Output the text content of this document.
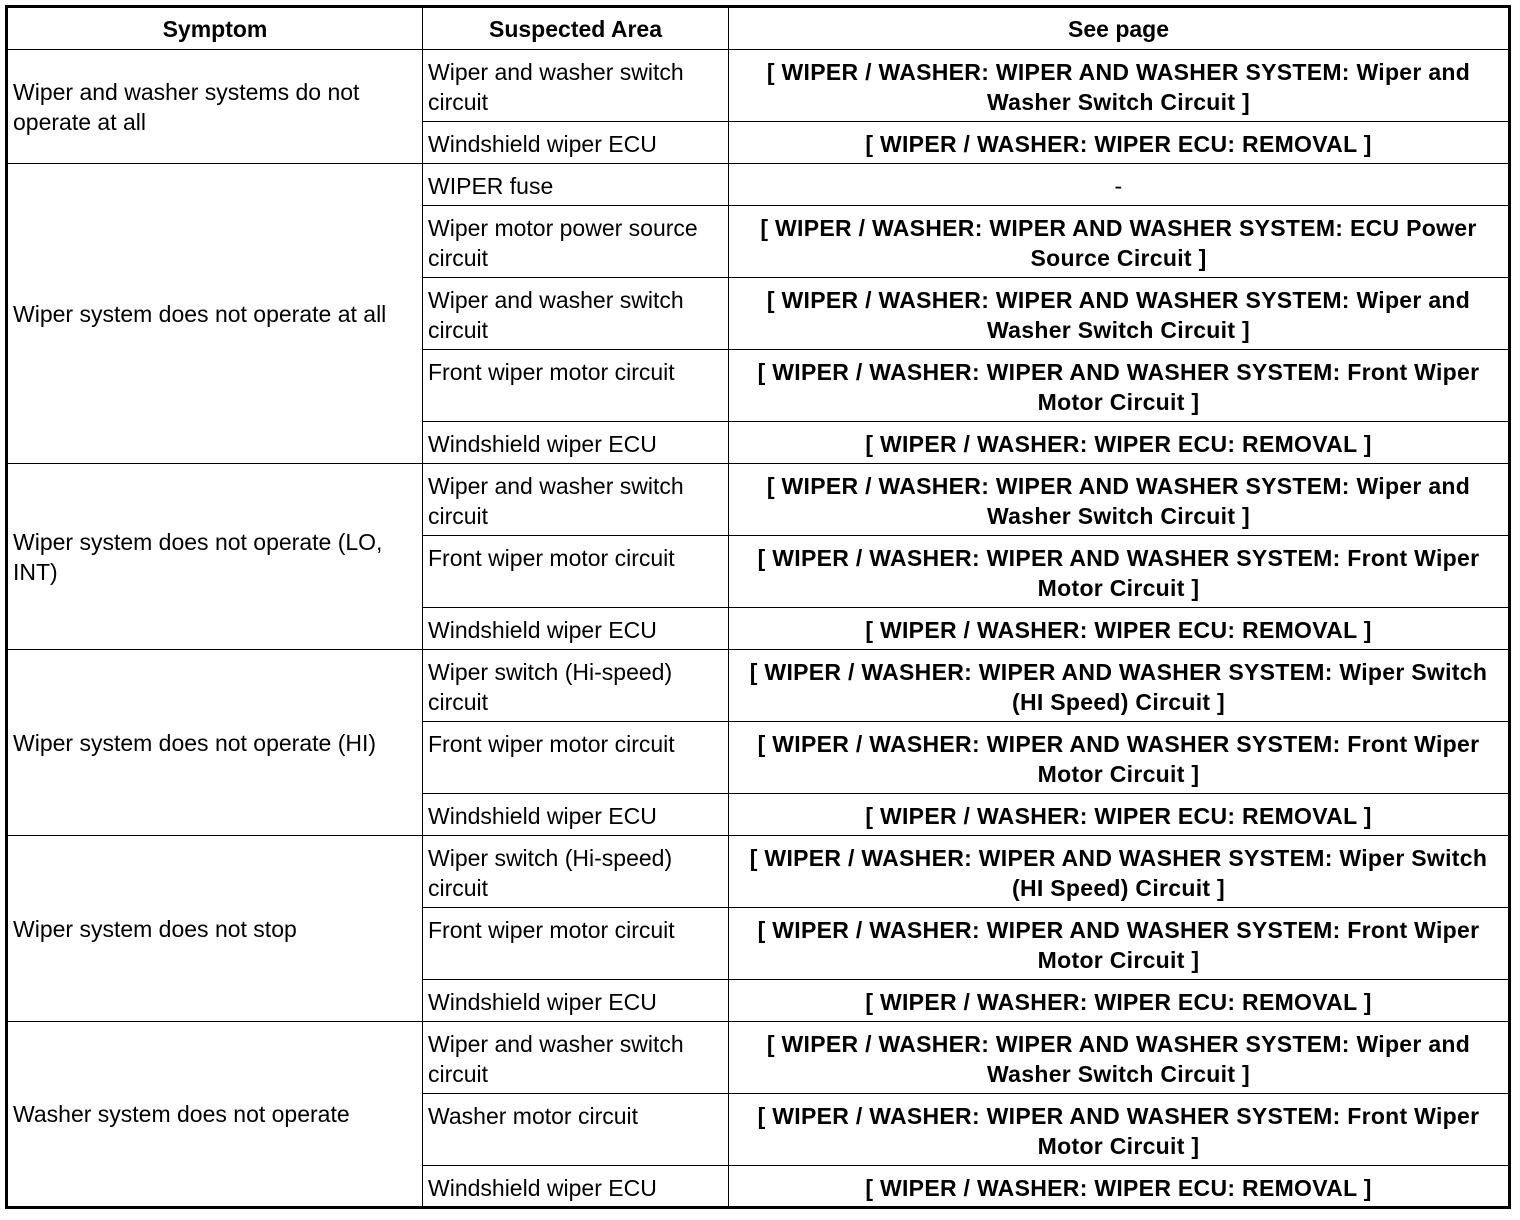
Symptom	Suspected Area	See page
Wiper and washer systems do not operate at all	Wiper and washer switch circuit	[ WIPER / WASHER: WIPER AND WASHER SYSTEM: Wiper and Washer Switch Circuit ]
	Windshield wiper ECU	[ WIPER / WASHER: WIPER ECU: REMOVAL ]
Wiper system does not operate at all	WIPER fuse	-
	Wiper motor power source circuit	[ WIPER / WASHER: WIPER AND WASHER SYSTEM: ECU Power Source Circuit ]
	Wiper and washer switch circuit	[ WIPER / WASHER: WIPER AND WASHER SYSTEM: Wiper and Washer Switch Circuit ]
	Front wiper motor circuit	[ WIPER / WASHER: WIPER AND WASHER SYSTEM: Front Wiper Motor Circuit ]
	Windshield wiper ECU	[ WIPER / WASHER: WIPER ECU: REMOVAL ]
Wiper system does not operate (LO, INT)	Wiper and washer switch circuit	[ WIPER / WASHER: WIPER AND WASHER SYSTEM: Wiper and Washer Switch Circuit ]
	Front wiper motor circuit	[ WIPER / WASHER: WIPER AND WASHER SYSTEM: Front Wiper Motor Circuit ]
	Windshield wiper ECU	[ WIPER / WASHER: WIPER ECU: REMOVAL ]
Wiper system does not operate (HI)	Wiper switch (Hi-speed) circuit	[ WIPER / WASHER: WIPER AND WASHER SYSTEM: Wiper Switch (HI Speed) Circuit ]
	Front wiper motor circuit	[ WIPER / WASHER: WIPER AND WASHER SYSTEM: Front Wiper Motor Circuit ]
	Windshield wiper ECU	[ WIPER / WASHER: WIPER ECU: REMOVAL ]
Wiper system does not stop	Wiper switch (Hi-speed) circuit	[ WIPER / WASHER: WIPER AND WASHER SYSTEM: Wiper Switch (HI Speed) Circuit ]
	Front wiper motor circuit	[ WIPER / WASHER: WIPER AND WASHER SYSTEM: Front Wiper Motor Circuit ]
	Windshield wiper ECU	[ WIPER / WASHER: WIPER ECU: REMOVAL ]
Washer system does not operate	Wiper and washer switch circuit	[ WIPER / WASHER: WIPER AND WASHER SYSTEM: Wiper and Washer Switch Circuit ]
	Washer motor circuit	[ WIPER / WASHER: WIPER AND WASHER SYSTEM: Front Wiper Motor Circuit ]
	Windshield wiper ECU	[ WIPER / WASHER: WIPER ECU: REMOVAL ]
